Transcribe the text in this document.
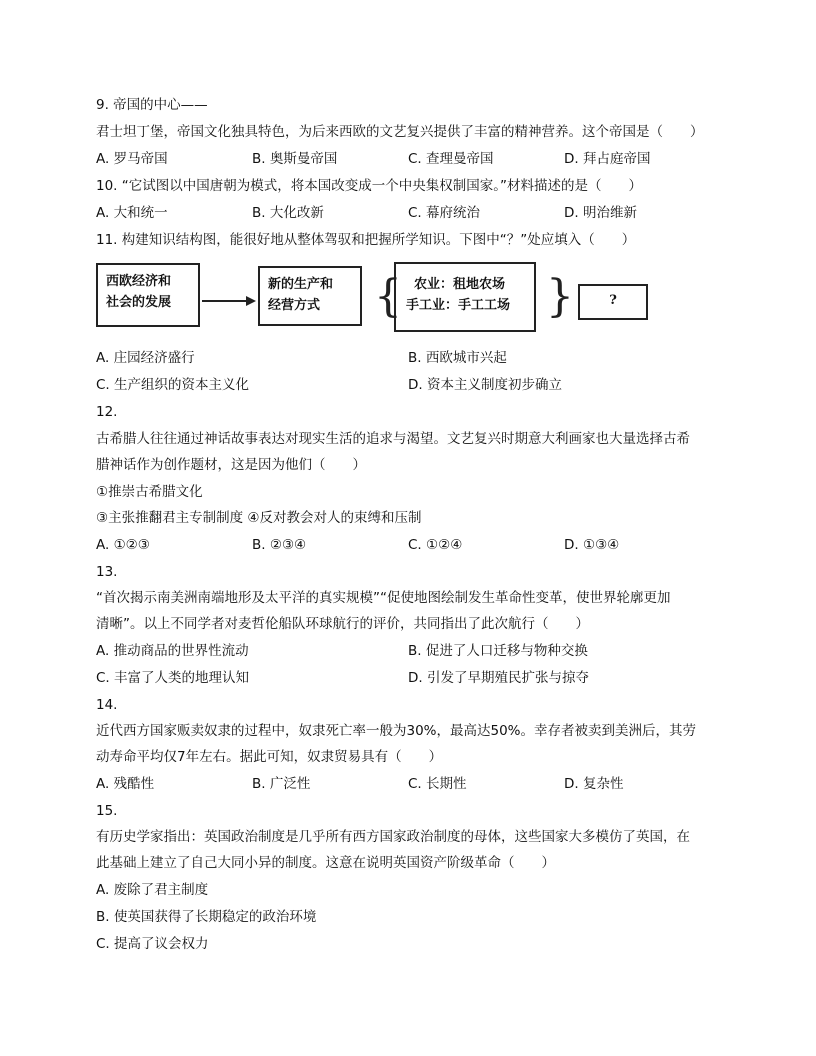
9. 帝国的中心——
君士坦丁堡，帝国文化独具特色，为后来西欧的文艺复兴提供了丰富的精神营养。这个帝国是（　　）
A. 罗马帝国	B. 奥斯曼帝国	C. 查理曼帝国	D. 拜占庭帝国
10. “它试图以中国唐朝为模式，将本国改变成一个中央集权制国家。”材料描述的是（　　）
A. 大和统一	B. 大化改新	C. 幕府统治	D. 明治维新
11. 构建知识结构图，能很好地从整体驾驭和把握所学知识。下图中“？”处应填入（　　）
西欧经济和
社会的发展
新的生产和
经营方式	{ 农业：租地农场
手工业：手工工场 }	?
A. 庄园经济盛行	B. 西欧城市兴起
C. 生产组织的资本主义化	D. 资本主义制度初步确立
12.
古希腊人往往通过神话故事表达对现实生活的追求与渴望。文艺复兴时期意大利画家也大量选择古希
腊神话作为创作题材，这是因为他们（　　）
①推崇古希腊文化
③主张推翻君主专制制度 ④反对教会对人的束缚和压制
A. ①②③	B. ②③④	C. ①②④	D. ①③④
13.
“首次揭示南美洲南端地形及太平洋的真实规模”“促使地图绘制发生革命性变革，使世界轮廓更加
清晰”。以上不同学者对麦哲伦船队环球航行的评价，共同指出了此次航行（　　）
A. 推动商品的世界性流动	B. 促进了人口迁移与物种交换
C. 丰富了人类的地理认知	D. 引发了早期殖民扩张与掠夺
14.
近代西方国家贩卖奴隶的过程中，奴隶死亡率一般为30%，最高达50%。幸存者被卖到美洲后，其劳
动寿命平均仅7年左右。据此可知，奴隶贸易具有（　　）
A. 残酷性	B. 广泛性	C. 长期性	D. 复杂性
15.
有历史学家指出：英国政治制度是几乎所有西方国家政治制度的母体，这些国家大多模仿了英国，在
此基础上建立了自己大同小异的制度。这意在说明英国资产阶级革命（　　）
A. 废除了君主制度
B. 使英国获得了长期稳定的政治环境
C. 提高了议会权力
